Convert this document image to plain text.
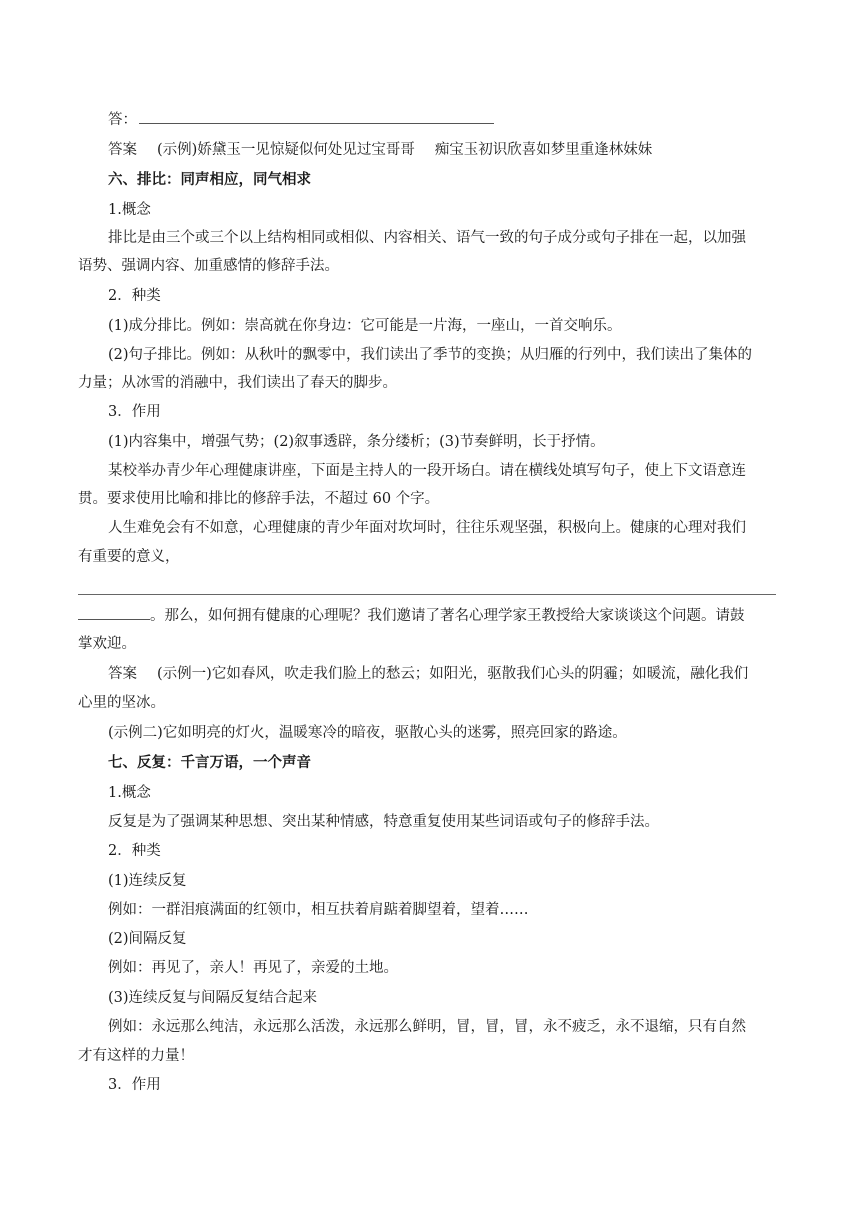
答：
答案 (示例)娇黛玉一见惊疑似何处见过宝哥哥 痴宝玉初识欣喜如梦里重逢林妹妹
六、排比：同声相应，同气相求
1.概念
排比是由三个或三个以上结构相同或相似、内容相关、语气一致的句子成分或句子排在一起，以加强
语势、强调内容、加重感情的修辞手法。
2．种类
(1)成分排比。例如：崇高就在你身边：它可能是一片海，一座山，一首交响乐。
(2)句子排比。例如：从秋叶的飘零中，我们读出了季节的变换；从归雁的行列中，我们读出了集体的
力量；从冰雪的消融中，我们读出了春天的脚步。
3．作用
(1)内容集中，增强气势；(2)叙事透辟，条分缕析；(3)节奏鲜明，长于抒情。
某校举办青少年心理健康讲座，下面是主持人的一段开场白。请在横线处填写句子，使上下文语意连
贯。要求使用比喻和排比的修辞手法，不超过 60 个字。
人生难免会有不如意，心理健康的青少年面对坎坷时，往往乐观坚强，积极向上。健康的心理对我们
有重要的意义，
。那么，如何拥有健康的心理呢？我们邀请了著名心理学家王教授给大家谈谈这个问题。请鼓
掌欢迎。
答案 (示例一)它如春风，吹走我们脸上的愁云；如阳光，驱散我们心头的阴霾；如暖流，融化我们
心里的坚冰。
(示例二)它如明亮的灯火，温暖寒冷的暗夜，驱散心头的迷雾，照亮回家的路途。
七、反复：千言万语，一个声音
1.概念
反复是为了强调某种思想、突出某种情感，特意重复使用某些词语或句子的修辞手法。
2．种类
(1)连续反复
例如：一群泪痕满面的红领巾，相互扶着肩踮着脚望着，望着……
(2)间隔反复
例如：再见了，亲人！再见了，亲爱的土地。
(3)连续反复与间隔反复结合起来
例如：永远那么纯洁，永远那么活泼，永远那么鲜明，冒，冒，冒，永不疲乏，永不退缩，只有自然
才有这样的力量！
3．作用
